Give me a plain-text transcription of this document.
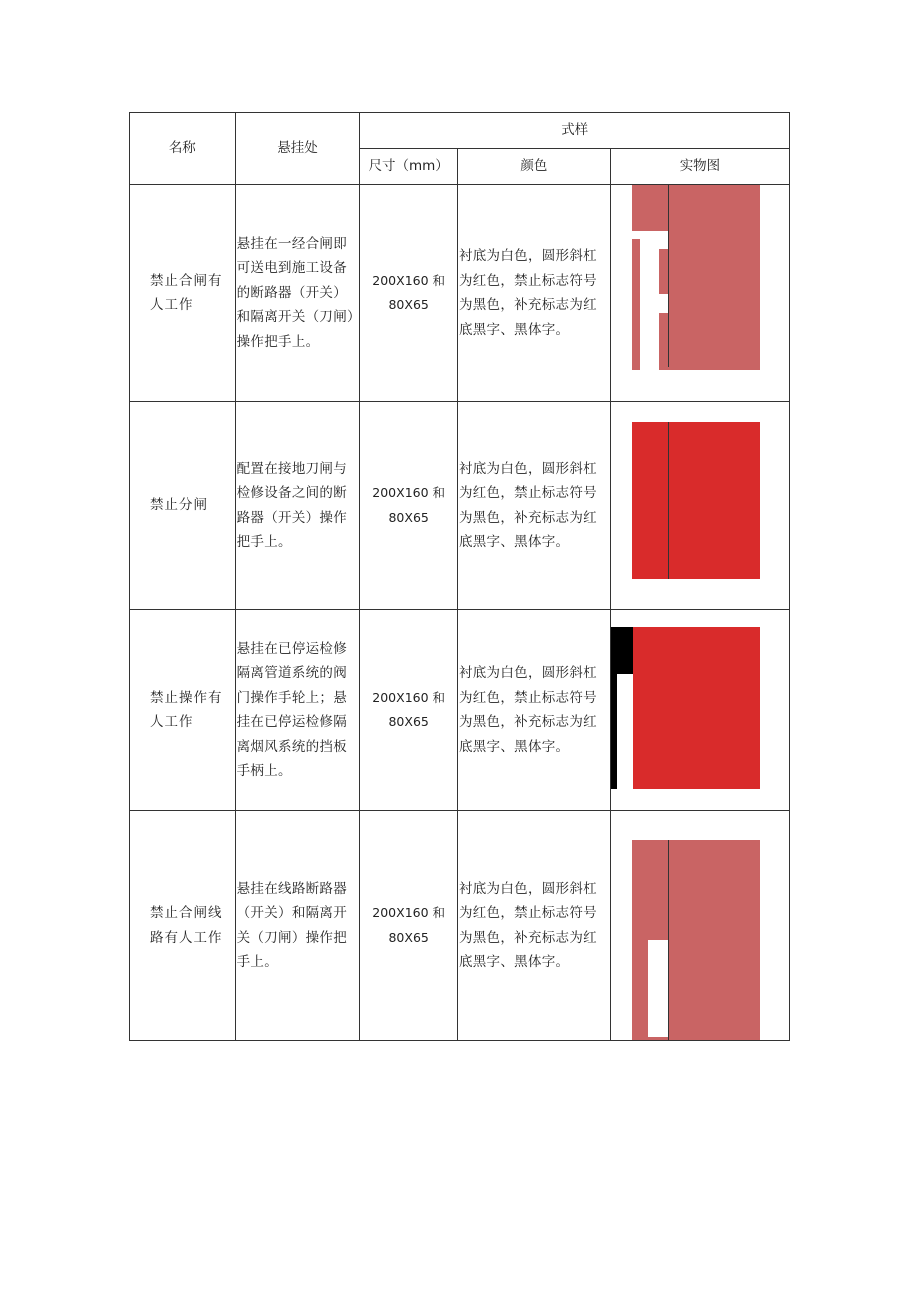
名称	悬挂处	式样		
		尺寸（mm）	颜色	实物图
禁止合闸有人工作	悬挂在一经合闸即可送电到施工设备的断路器（开关）和隔离开关（刀闸）操作把手上。	200X160 和 80X65	衬底为白色，圆形斜杠为红色，禁止标志符号为黑色，补充标志为红底黑字、黑体字。	

禁止分闸	配置在接地刀闸与检修设备之间的断路器（开关）操作把手上。	200X160 和 80X65	衬底为白色，圆形斜杠为红色，禁止标志符号为黑色，补充标志为红底黑字、黑体字。	

禁止操作有人工作	悬挂在已停运检修隔离管道系统的阀门操作手轮上；悬挂在已停运检修隔离烟风系统的挡板手柄上。	200X160 和 80X65	衬底为白色，圆形斜杠为红色，禁止标志符号为黑色，补充标志为红底黑字、黑体字。	

禁止合闸线路有人工作	悬挂在线路断路器（开关）和隔离开关（刀闸）操作把手上。	200X160 和 80X65	衬底为白色，圆形斜杠为红色，禁止标志符号为黑色，补充标志为红底黑字、黑体字。	
